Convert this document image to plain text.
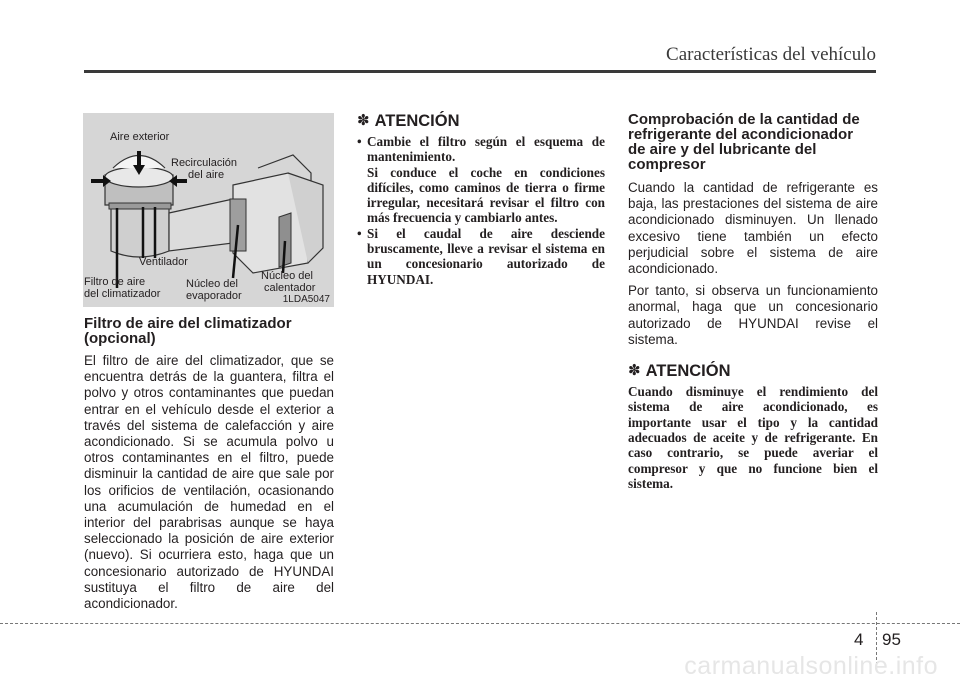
Características del vehículo
Aire exterior
Recirculación
del aire
Ventilador
Filtro de aire
del climatizador
Núcleo del
evaporador
Núcleo del
calentador
1LDA5047
Filtro de aire del climatizador
(opcional)

El filtro de aire del climatizador, que se encuentra detrás de la guantera, filtra el polvo y otros contaminantes que puedan entrar en el vehículo desde el exterior a través del sistema de calefacción y aire acondicionado. Si se acumula polvo u otros contaminantes en el filtro, puede disminuir la cantidad de aire que sale por los orificios de ventilación, ocasionando una acumulación de humedad en el interior del parabrisas aunque se haya seleccionado la posición de aire exterior (nuevo). Si ocurriera esto, haga que un concesionario autorizado de HYUNDAI sustituya el filtro de aire del acondicionador.

✽ ATENCIÓN
• Cambie el filtro según el esquema de mantenimiento.
Si conduce el coche en condiciones difíciles, como caminos de tierra o firme irregular, necesitará revisar el filtro con más frecuencia y cambiarlo antes.
• Si el caudal de aire desciende bruscamente, lleve a revisar el sistema en un concesionario autorizado de HYUNDAI.
Comprobación de la cantidad de
refrigerante del acondicionador
de aire y del lubricante del
compresor

Cuando la cantidad de refrigerante es baja, las prestaciones del sistema de aire acondicionado disminuyen. Un llenado excesivo tiene también un efecto perjudicial sobre el sistema de aire acondicionado.

Por tanto, si observa un funcionamiento anormal, haga que un concesionario autorizado de HYUNDAI revise el sistema.

✽ ATENCIÓN
Cuando disminuye el rendimiento del sistema de aire acondicionado, es importante usar el tipo y la cantidad adecuados de aceite y de refrigerante. En caso contrario, se puede averiar el compresor y que no funcione bien el sistema.
4 95
carmanualsonline.info
